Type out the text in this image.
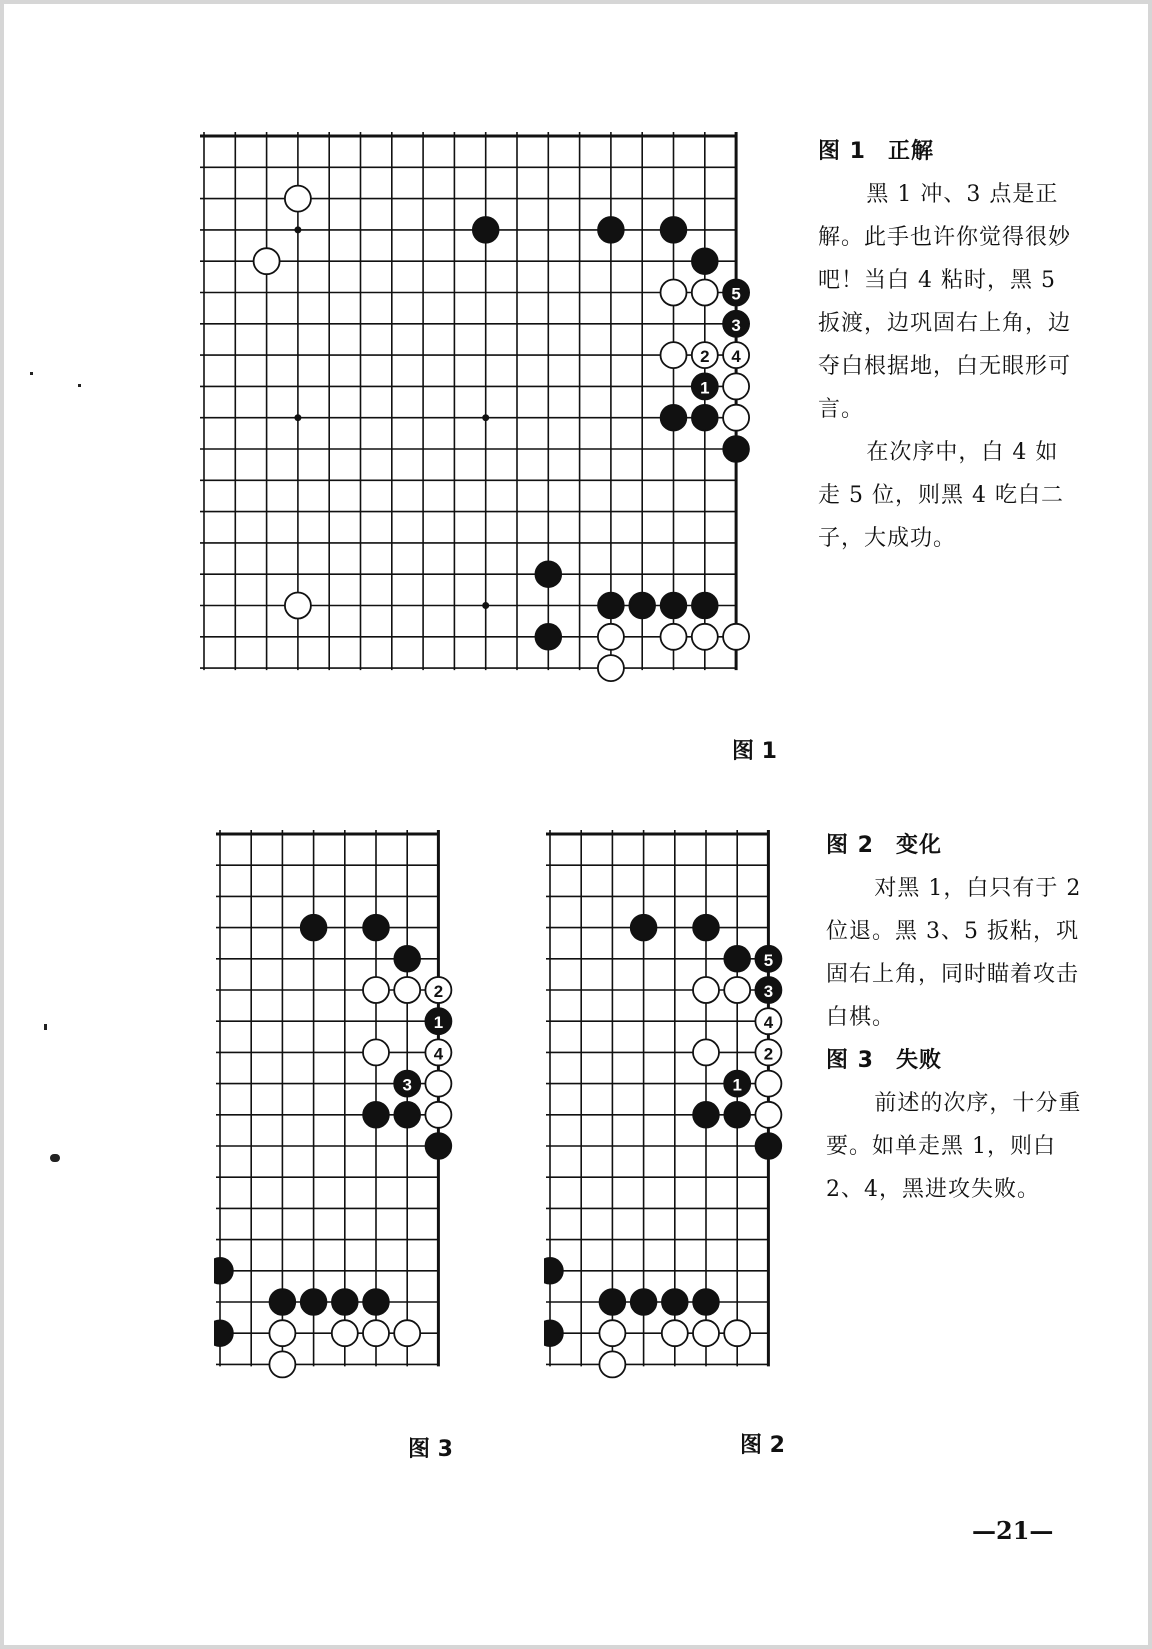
5
3
2 4
1
图 1

图 1 正解

黑 1 冲、3 点是正解。此手也许你觉得很妙吧！当白 4 粘时，黑 5 扳渡，边巩固右上角，边夺白根据地，白无眼形可言。

在次序中，白 4 如走 5 位，则黑 4 吃白二子，大成功。

2
1
4
3
图 3
5
3
4
2
1
图 2

图 2 变化

对黑 1，白只有于 2 位退。黑 3、5 扳粘，巩固右上角，同时瞄着攻击白棋。

图 3 失败

前述的次序，十分重要。如单走黑 1，则白 2、4，黑进攻失败。

—21—
